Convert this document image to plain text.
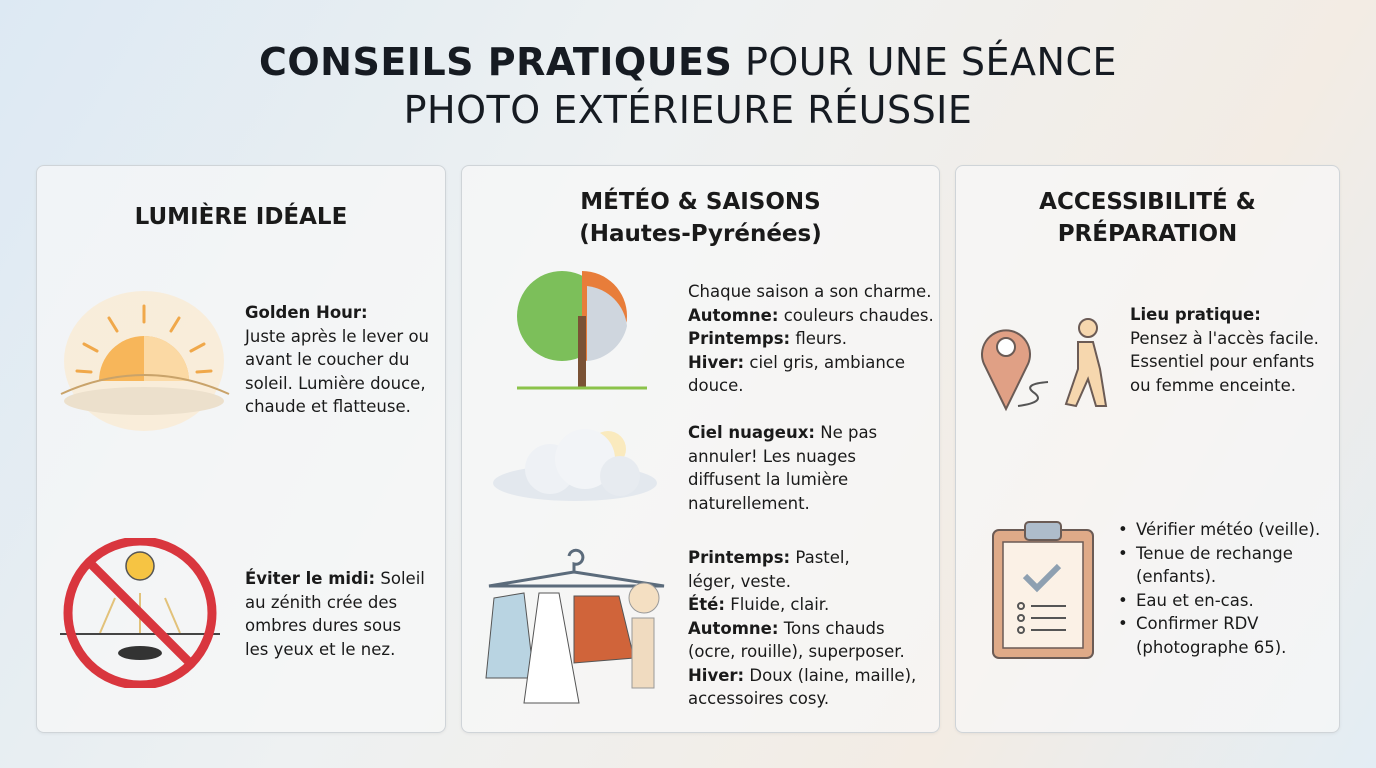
CONSEILS PRATIQUES POUR UNE SÉANCE
PHOTO EXTÉRIEURE RÉUSSIE
LUMIÈRE IDÉALE
Golden Hour:
Juste après le lever ou avant le coucher du soleil. Lumière douce, chaude et flatteuse.
Éviter le midi: Soleil au zénith crée des ombres dures sous les yeux et le nez.
MÉTÉO & SAISONS
(Hautes-Pyrénées)
Chaque saison a son charme.
Automne: couleurs chaudes.
Printemps: fleurs.
Hiver: ciel gris, ambiance douce.
Ciel nuageux: Ne pas annuler! Les nuages diffusent la lumière naturellement.
Printemps: Pastel, léger, veste.
Été: Fluide, clair.
Automne: Tons chauds (ocre, rouille), superposer.
Hiver: Doux (laine, maille), accessoires cosy.
ACCESSIBILITÉ &
PRÉPARATION
Lieu pratique:
Pensez à l'accès facile. Essentiel pour enfants ou femme enceinte.
• Vérifier météo (veille).
• Tenue de rechange (enfants).
• Eau et en-cas.
• Confirmer RDV (photographe 65).
